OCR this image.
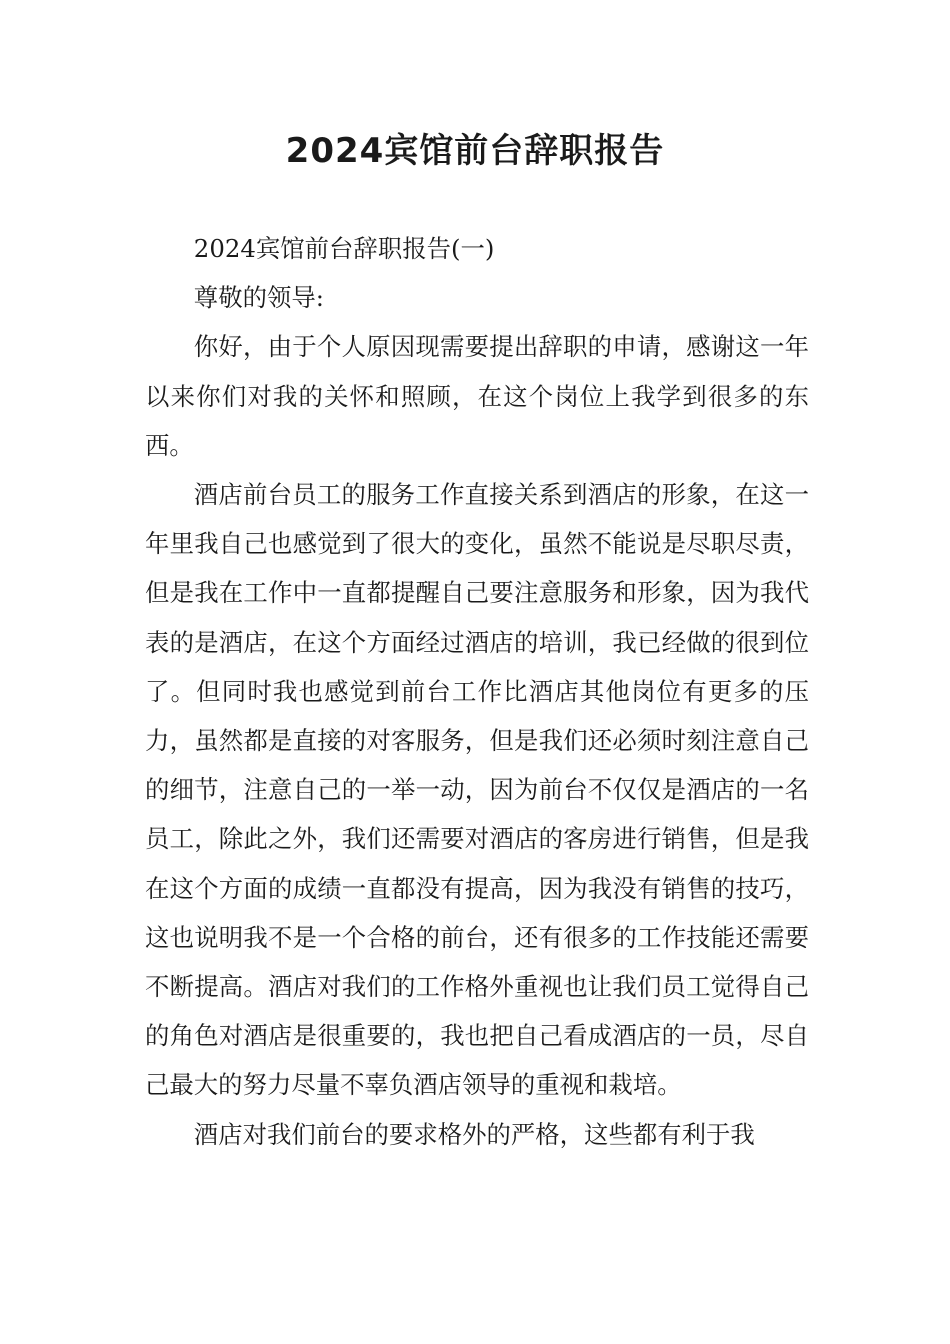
2024宾馆前台辞职报告

2024宾馆前台辞职报告(一)

尊敬的领导:

你好，由于个人原因现需要提出辞职的申请，感谢这一年以来你们对我的关怀和照顾，在这个岗位上我学到很多的东西。

酒店前台员工的服务工作直接关系到酒店的形象，在这一年里我自己也感觉到了很大的变化，虽然不能说是尽职尽责，但是我在工作中一直都提醒自己要注意服务和形象，因为我代表的是酒店，在这个方面经过酒店的培训，我已经做的很到位了。但同时我也感觉到前台工作比酒店其他岗位有更多的压力，虽然都是直接的对客服务，但是我们还必须时刻注意自己的细节，注意自己的一举一动，因为前台不仅仅是酒店的一名员工，除此之外，我们还需要对酒店的客房进行销售，但是我在这个方面的成绩一直都没有提高，因为我没有销售的技巧，这也说明我不是一个合格的前台，还有很多的工作技能还需要不断提高。酒店对我们的工作格外重视也让我们员工觉得自己的角色对酒店是很重要的，我也把自己看成酒店的一员，尽自己最大的努力尽量不辜负酒店领导的重视和栽培。

酒店对我们前台的要求格外的严格，这些都有利于我
